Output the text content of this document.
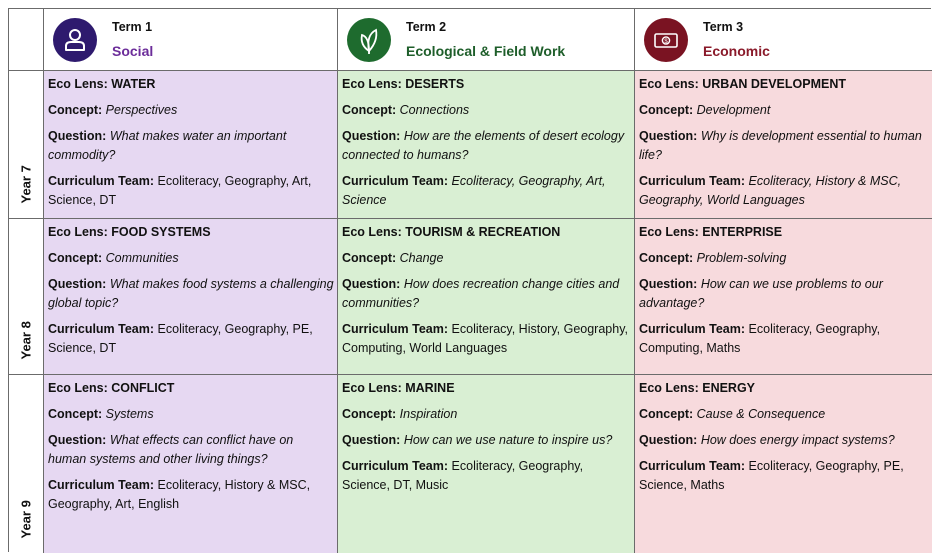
Term 1
Social
Term 2
Ecological & Field Work
$
Term 3
Economic
Year 7

Eco Lens: WATER

Concept: Perspectives

Question: What makes water an important commodity?

Curriculum Team: Ecoliteracy, Geography, Art, Science, DT

Eco Lens: DESERTS

Concept: Connections

Question: How are the elements of desert ecology connected to humans?

Curriculum Team: Ecoliteracy, Geography, Art, Science

Eco Lens: URBAN DEVELOPMENT

Concept: Development

Question: Why is development essential to human life?

Curriculum Team: Ecoliteracy, History & MSC, Geography, World Languages

Year 8

Eco Lens: FOOD SYSTEMS

Concept: Communities

Question: What makes food systems a challenging global topic?

Curriculum Team: Ecoliteracy, Geography, PE, Science, DT

Eco Lens: TOURISM & RECREATION

Concept: Change

Question: How does recreation change cities and communities?

Curriculum Team: Ecoliteracy, History, Geography, Computing, World Languages

Eco Lens: ENTERPRISE

Concept: Problem-solving

Question: How can we use problems to our advantage?

Curriculum Team: Ecoliteracy, Geography, Computing, Maths

Year 9

Eco Lens: CONFLICT

Concept: Systems

Question: What effects can conflict have on human systems and other living things?

Curriculum Team: Ecoliteracy, History & MSC, Geography, Art, English

Eco Lens: MARINE

Concept: Inspiration

Question: How can we use nature to inspire us?

Curriculum Team: Ecoliteracy, Geography, Science, DT, Music

Eco Lens: ENERGY

Concept: Cause & Consequence

Question: How does energy impact systems?

Curriculum Team: Ecoliteracy, Geography, PE, Science, Maths
